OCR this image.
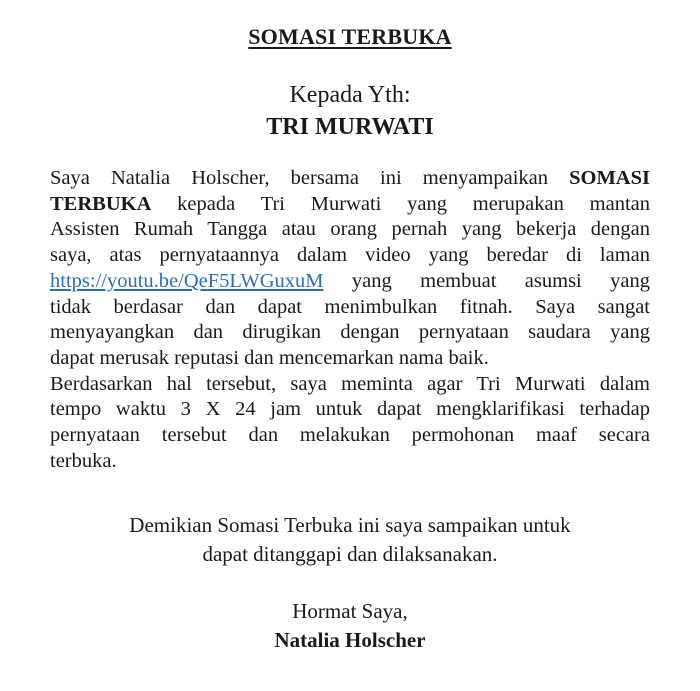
SOMASI TERBUKA
Kepada Yth:
TRI MURWATI

Saya Natalia Holscher, bersama ini menyampaikan SOMASI
TERBUKA kepada Tri Murwati yang merupakan mantan
Assisten Rumah Tangga atau orang pernah yang bekerja dengan
saya, atas pernyataannya dalam video yang beredar di laman
https://youtu.be/QeF5LWGuxuM yang membuat asumsi yang
tidak berdasar dan dapat menimbulkan fitnah. Saya sangat
menyayangkan dan dirugikan dengan pernyataan saudara yang
dapat merusak reputasi dan mencemarkan nama baik.

Berdasarkan hal tersebut, saya meminta agar Tri Murwati dalam
tempo waktu 3 X 24 jam untuk dapat mengklarifikasi terhadap
pernyataan tersebut dan melakukan permohonan maaf secara
terbuka.

Demikian Somasi Terbuka ini saya sampaikan untuk
dapat ditanggapi dan dilaksanakan.
Hormat Saya,
Natalia Holscher
